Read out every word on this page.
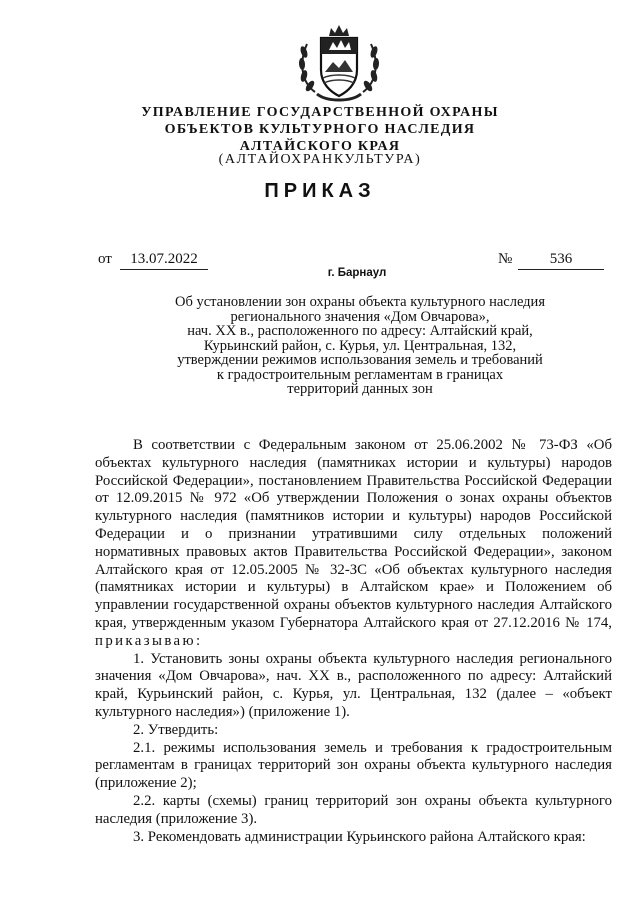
УПРАВЛЕНИЕ ГОСУДАРСТВЕННОЙ ОХРАНЫ
ОБЪЕКТОВ КУЛЬТУРНОГО НАСЛЕДИЯ
АЛТАЙСКОГО КРАЯ
(АЛТАЙОХРАНКУЛЬТУРА)
ПРИКАЗ
от	13.07.2022	№	536
г. Барнаул
Об установлении зон охраны объекта культурного наследия
регионального значения «Дом Овчарова»,
нач. XX в., расположенного по адресу: Алтайский край,
Курьинский район, с. Курья, ул. Центральная, 132,
утверждении режимов использования земель и требований
к градостроительным регламентам в границах
территорий данных зон

В соответствии с Федеральным законом от 25.06.2002 № 73-ФЗ «Об объектах культурного наследия (памятниках истории и культуры) народов Российской Федерации», постановлением Правительства Российской Федерации от 12.09.2015 № 972 «Об утверждении Положения о зонах охраны объектов культурного наследия (памятников истории и культуры) народов Российской Федерации и о признании утратившими силу отдельных положений нормативных правовых актов Правительства Российской Федерации», законом Алтайского края от 12.05.2005 № 32-ЗС «Об объектах культурного наследия (памятниках истории и культуры) в Алтайском крае» и Положением об управлении государственной охраны объектов культурного наследия Алтайского края, утвержденным указом Губернатора Алтайского края от 27.12.2016 № 174, приказываю:

1. Установить зоны охраны объекта культурного наследия регионального значения «Дом Овчарова», нач. XX в., расположенного по адресу: Алтайский край, Курьинский район, с. Курья, ул. Центральная, 132 (далее – «объект культурного наследия») (приложение 1).

2. Утвердить:

2.1. режимы использования земель и требования к градостроительным регламентам в границах территорий зон охраны объекта культурного наследия (приложение 2);

2.2. карты (схемы) границ территорий зон охраны объекта культурного наследия (приложение 3).

3. Рекомендовать администрации Курьинского района Алтайского края:
